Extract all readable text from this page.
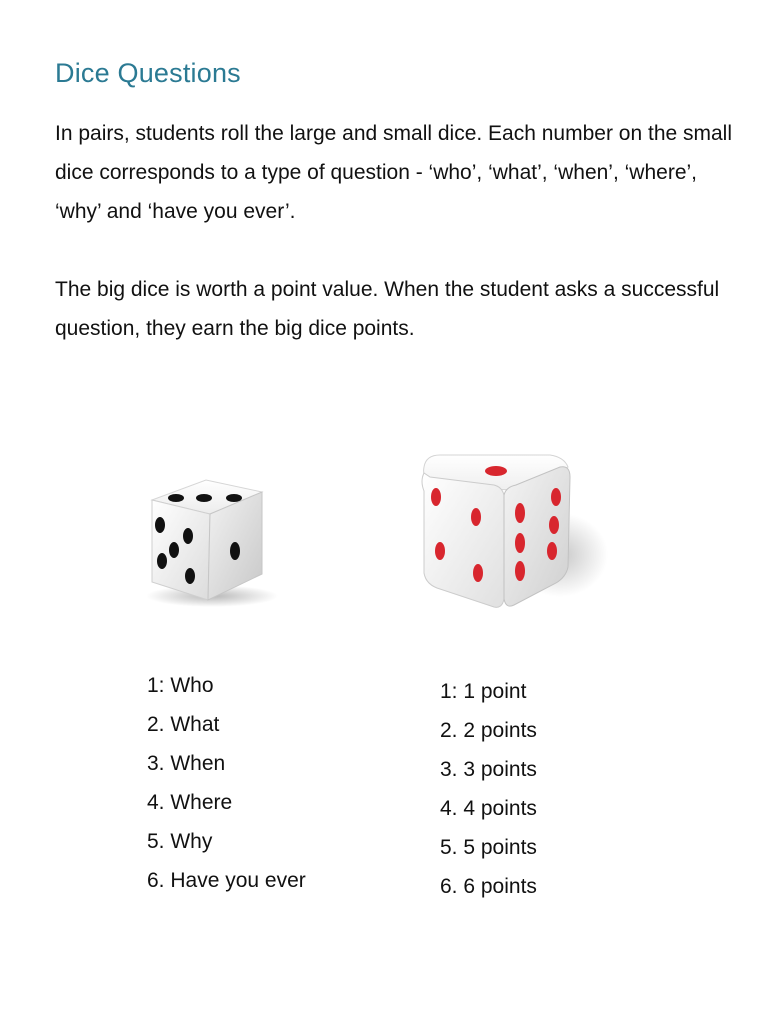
Dice Questions

In pairs, students roll the large and small dice. Each number on the small dice corresponds to a type of question - ‘who’, ‘what’, ‘when’, ‘where’, ‘why’ and ‘have you ever’.

The big dice is worth a point value. When the student asks a successful question, they earn the big dice points.

1: Who
2. What
3. When
4. Where
5. Why
6. Have you ever
1: 1 point
2. 2 points
3. 3 points
4. 4 points
5. 5 points
6. 6 points
